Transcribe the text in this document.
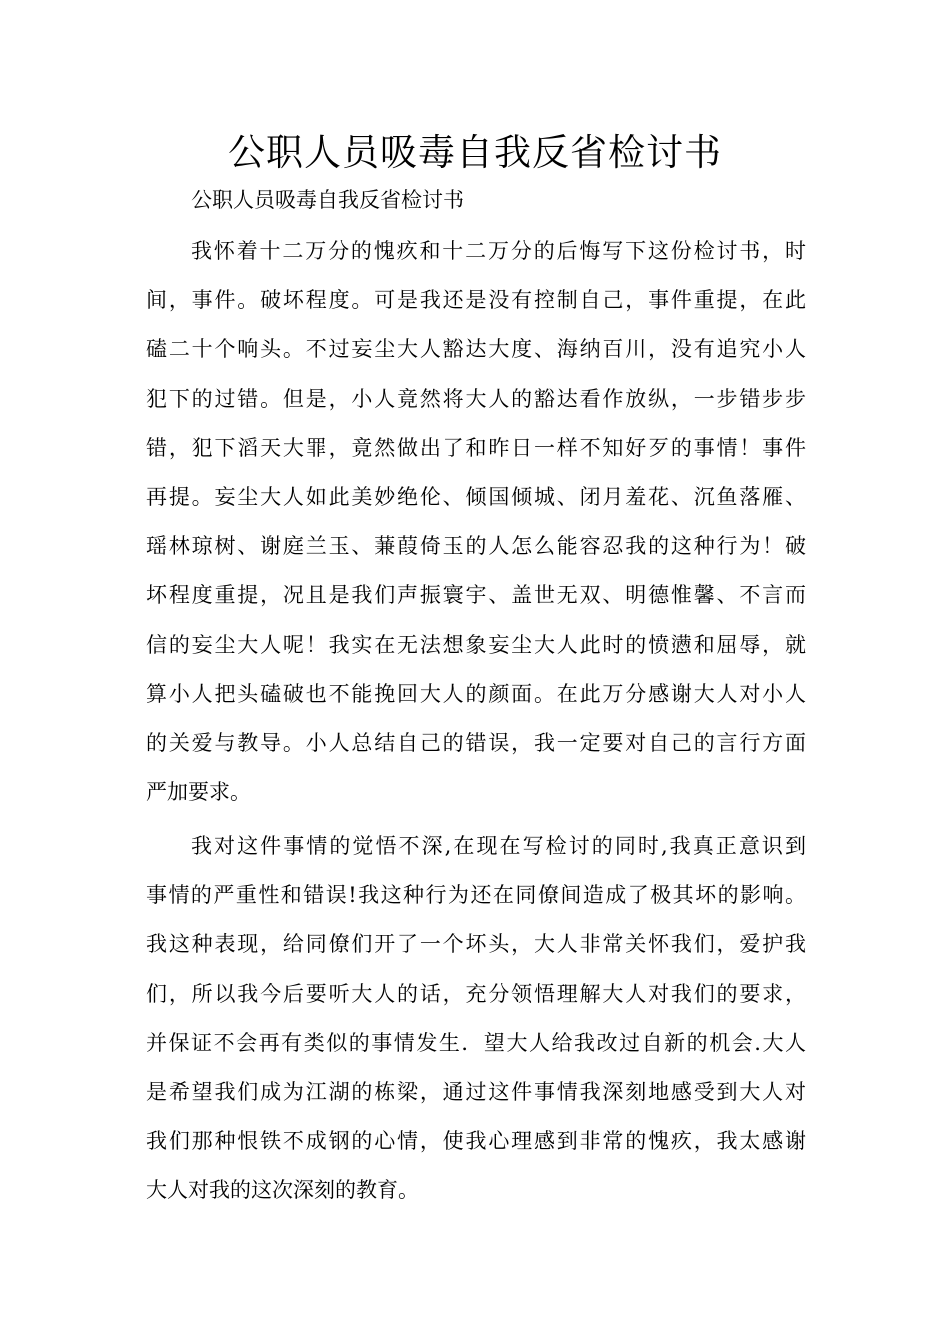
公职人员吸毒自我反省检讨书

公职人员吸毒自我反省检讨书

我怀着十二万分的愧疚和十二万分的后悔写下这份检讨书，时
间，事件。破坏程度。可是我还是没有控制自己，事件重提，在此
磕二十个响头。不过妄尘大人豁达大度、海纳百川，没有追究小人
犯下的过错。但是，小人竟然将大人的豁达看作放纵，一步错步步
错，犯下滔天大罪，竟然做出了和昨日一样不知好歹的事情！事件
再提。妄尘大人如此美妙绝伦、倾国倾城、闭月羞花、沉鱼落雁、
瑶林琼树、谢庭兰玉、蒹葭倚玉的人怎么能容忍我的这种行为！破
坏程度重提，况且是我们声振寰宇、盖世无双、明德惟馨、不言而
信的妄尘大人呢！我实在无法想象妄尘大人此时的愤懑和屈辱，就
算小人把头磕破也不能挽回大人的颜面。在此万分感谢大人对小人
的关爱与教导。小人总结自己的错误，我一定要对自己的言行方面
严加要求。
我对这件事情的觉悟不深,在现在写检讨的同时,我真正意识到
事情的严重性和错误!我这种行为还在同僚间造成了极其坏的影响。
我这种表现，给同僚们开了一个坏头，大人非常关怀我们，爱护我
们，所以我今后要听大人的话，充分领悟理解大人对我们的要求，
并保证不会再有类似的事情发生．望大人给我改过自新的机会.大人
是希望我们成为江湖的栋梁，通过这件事情我深刻地感受到大人对
我们那种恨铁不成钢的心情，使我心理感到非常的愧疚，我太感谢
大人对我的这次深刻的教育。
